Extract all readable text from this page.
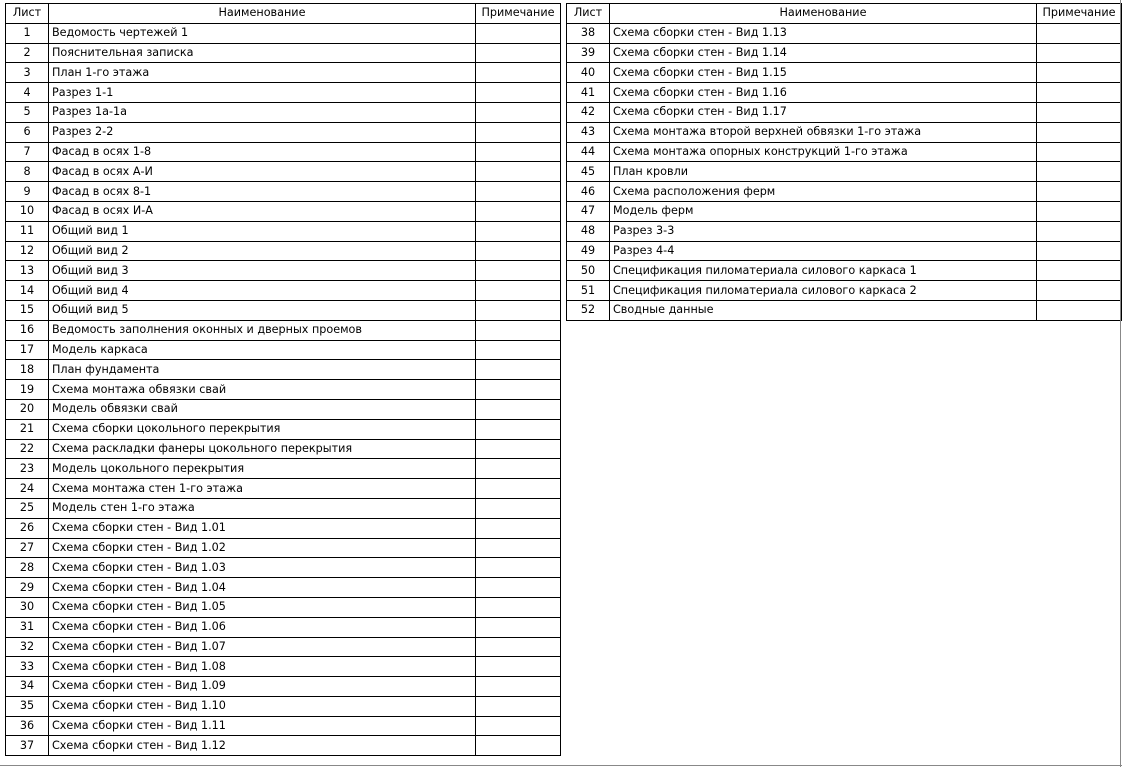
Лист	Наименование	Примечание
1	Ведомость чертежей 1	
2	Пояснительная записка	
3	План 1-го этажа	
4	Разрез 1-1	
5	Разрез 1а-1а	
6	Разрез 2-2	
7	Фасад в осях 1-8	
8	Фасад в осях А-И	
9	Фасад в осях 8-1	
10	Фасад в осях И-А	
11	Общий вид 1	
12	Общий вид 2	
13	Общий вид 3	
14	Общий вид 4	
15	Общий вид 5	
16	Ведомость заполнения оконных и дверных проемов	
17	Модель каркаса	
18	План фундамента	
19	Схема монтажа обвязки свай	
20	Модель обвязки свай	
21	Схема сборки цокольного перекрытия	
22	Схема раскладки фанеры цокольного перекрытия	
23	Модель цокольного перекрытия	
24	Схема монтажа стен 1-го этажа	
25	Модель стен 1-го этажа	
26	Схема сборки стен - Вид 1.01	
27	Схема сборки стен - Вид 1.02	
28	Схема сборки стен - Вид 1.03	
29	Схема сборки стен - Вид 1.04	
30	Схема сборки стен - Вид 1.05	
31	Схема сборки стен - Вид 1.06	
32	Схема сборки стен - Вид 1.07	
33	Схема сборки стен - Вид 1.08	
34	Схема сборки стен - Вид 1.09	
35	Схема сборки стен - Вид 1.10	
36	Схема сборки стен - Вид 1.11	
37	Схема сборки стен - Вид 1.12	
Лист	Наименование	Примечание
38	Схема сборки стен - Вид 1.13	
39	Схема сборки стен - Вид 1.14	
40	Схема сборки стен - Вид 1.15	
41	Схема сборки стен - Вид 1.16	
42	Схема сборки стен - Вид 1.17	
43	Схема монтажа второй верхней обвязки 1-го этажа	
44	Схема монтажа опорных конструкций 1-го этажа	
45	План кровли	
46	Схема расположения ферм	
47	Модель ферм	
48	Разрез 3-3	
49	Разрез 4-4	
50	Спецификация пиломатериала силового каркаса 1	
51	Спецификация пиломатериала силового каркаса 2	
52	Сводные данные	
